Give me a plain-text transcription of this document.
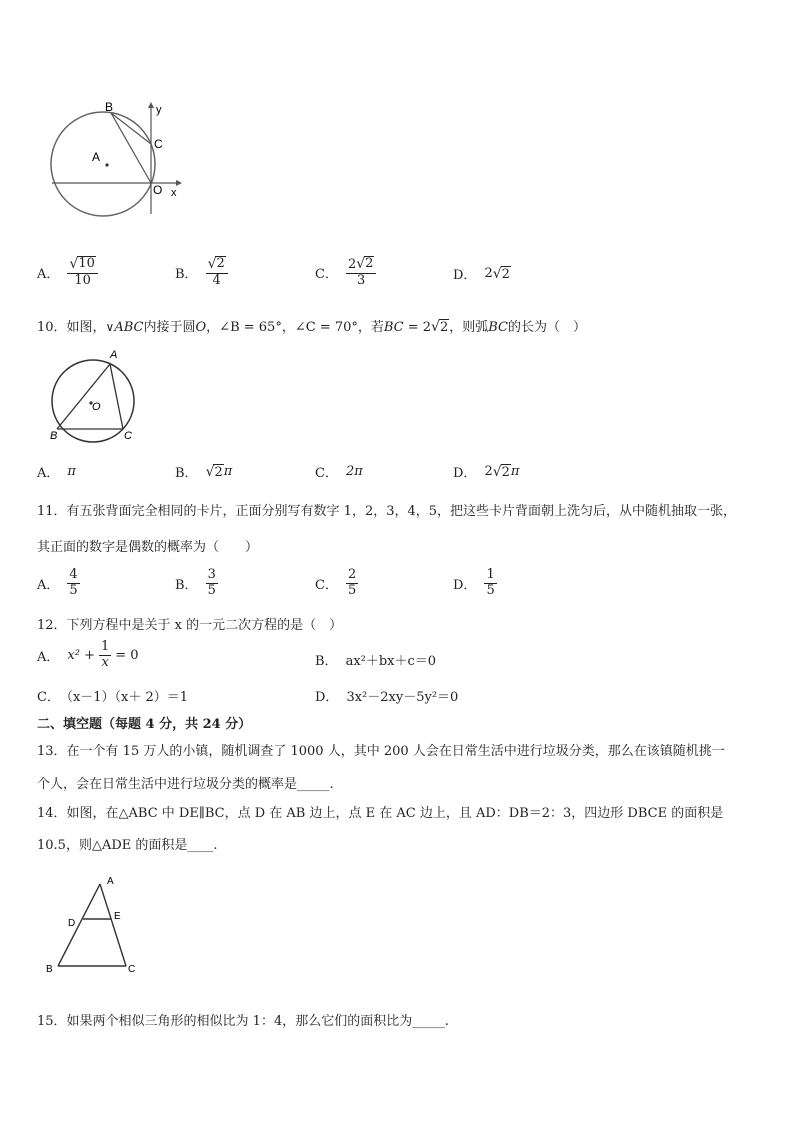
B	y
C
A
O x
A． $\frac{√ 10}{10}$	B． $\frac{√ 2}{4}$	C． $\frac{2 √ 2}{3}$	D． 2 √ 2
10．如图，∨ABC内接于圆O，∠B = 65°，∠C = 70°，若BC = 2 √ 2 ，则弧BC的长为（　）
A
O
B	C
A． π	B． √ 2 π	C． 2π	D． 2 √ 2 π
11．有五张背面完全相同的卡片，正面分别写有数字 1，2，3，4，5，把这些卡片背面朝上洗匀后，从中随机抽取一张，
其正面的数字是偶数的概率为（　　）
A． $\frac{4}{5}$	B． $\frac{3}{5}$	C． $\frac{2}{5}$	D． $\frac{1}{5}$
12．下列方程中是关于 x 的一元二次方程的是（　）
A． $x^2 + \frac{1}{x} = 0$	B． ax²＋bx＋c＝0
C． （x－1）（x＋ 2）＝1	D． 3x²－2xy－5y²＝0
二、填空题（每题 4 分，共 24 分）
13．在一个有 15 万人的小镇，随机调查了 1000 人，其中 200 人会在日常生活中进行垃圾分类，那么在该镇随机挑一
个人，会在日常生活中进行垃圾分类的概率是_____.
14．如图，在△ABC 中 DE∥BC，点 D 在 AB 边上，点 E 在 AC 边上，且 AD：DB＝2：3，四边形 DBCE 的面积是
10.5，则△ADE 的面积是____.
A
D
E
B	C
15．如果两个相似三角形的相似比为 1：4，那么它们的面积比为_____.
